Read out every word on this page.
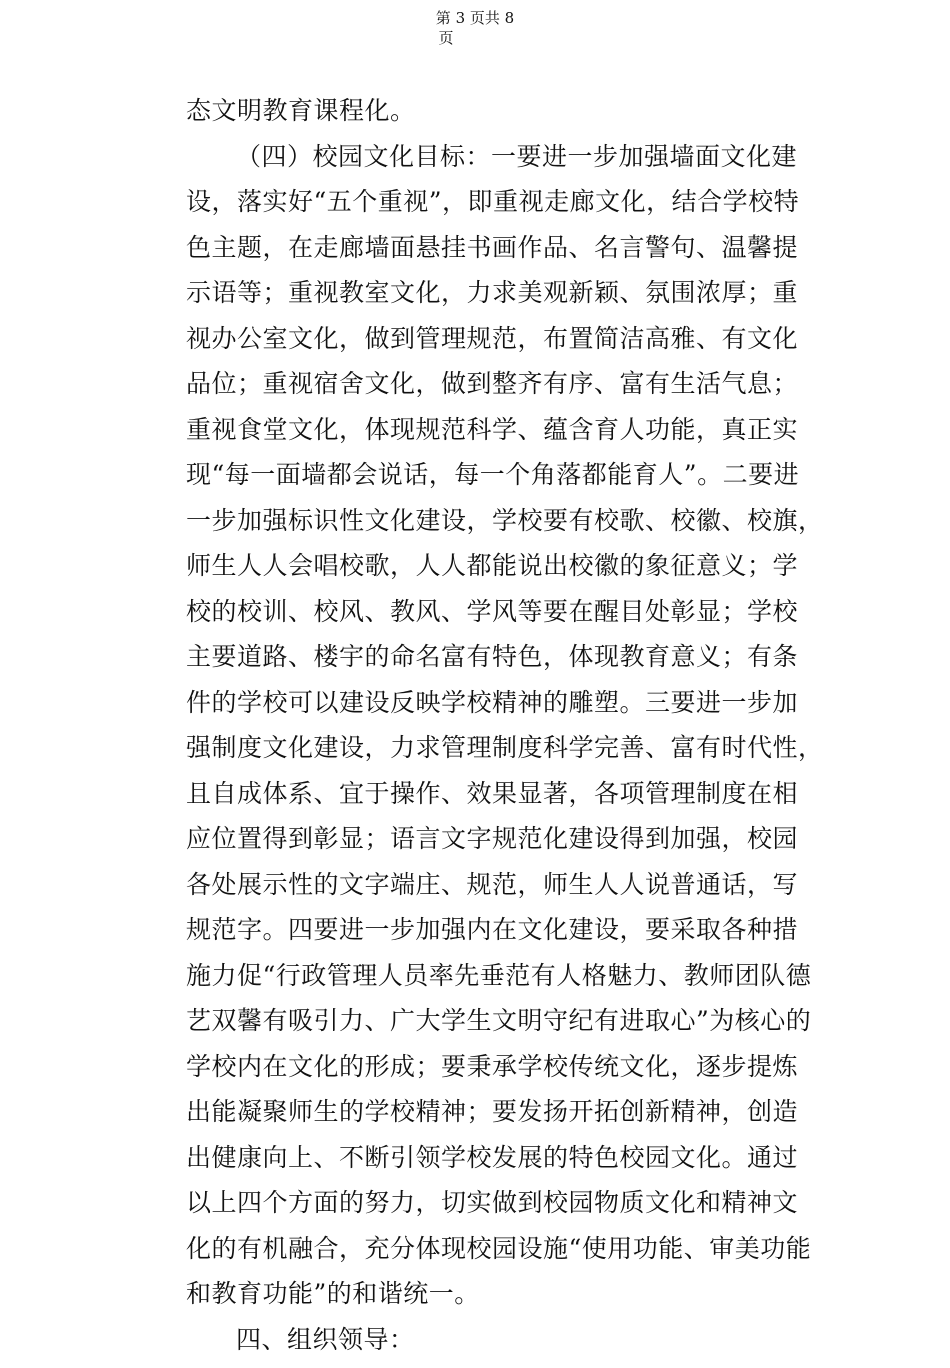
第 3 页共 8
页
态文明教育课程化。
（四）校园文化目标：一要进一步加强墙面文化建
设，落实好“五个重视”，即重视走廊文化，结合学校特
色主题，在走廊墙面悬挂书画作品、名言警句、温馨提
示语等；重视教室文化，力求美观新颖、氛围浓厚；重
视办公室文化，做到管理规范，布置简洁高雅、有文化
品位；重视宿舍文化，做到整齐有序、富有生活气息；
重视食堂文化，体现规范科学、蕴含育人功能，真正实
现“每一面墙都会说话，每一个角落都能育人”。二要进
一步加强标识性文化建设，学校要有校歌、校徽、校旗，
师生人人会唱校歌，人人都能说出校徽的象征意义；学
校的校训、校风、教风、学风等要在醒目处彰显；学校
主要道路、楼宇的命名富有特色，体现教育意义；有条
件的学校可以建设反映学校精神的雕塑。三要进一步加
强制度文化建设，力求管理制度科学完善、富有时代性，
且自成体系、宜于操作、效果显著，各项管理制度在相
应位置得到彰显；语言文字规范化建设得到加强，校园
各处展示性的文字端庄、规范，师生人人说普通话，写
规范字。四要进一步加强内在文化建设，要采取各种措
施力促“行政管理人员率先垂范有人格魅力、教师团队德
艺双馨有吸引力、广大学生文明守纪有进取心”为核心的
学校内在文化的形成；要秉承学校传统文化，逐步提炼
出能凝聚师生的学校精神；要发扬开拓创新精神，创造
出健康向上、不断引领学校发展的特色校园文化。通过
以上四个方面的努力，切实做到校园物质文化和精神文
化的有机融合，充分体现校园设施“使用功能、审美功能
和教育功能”的和谐统一。
四、组织领导：
